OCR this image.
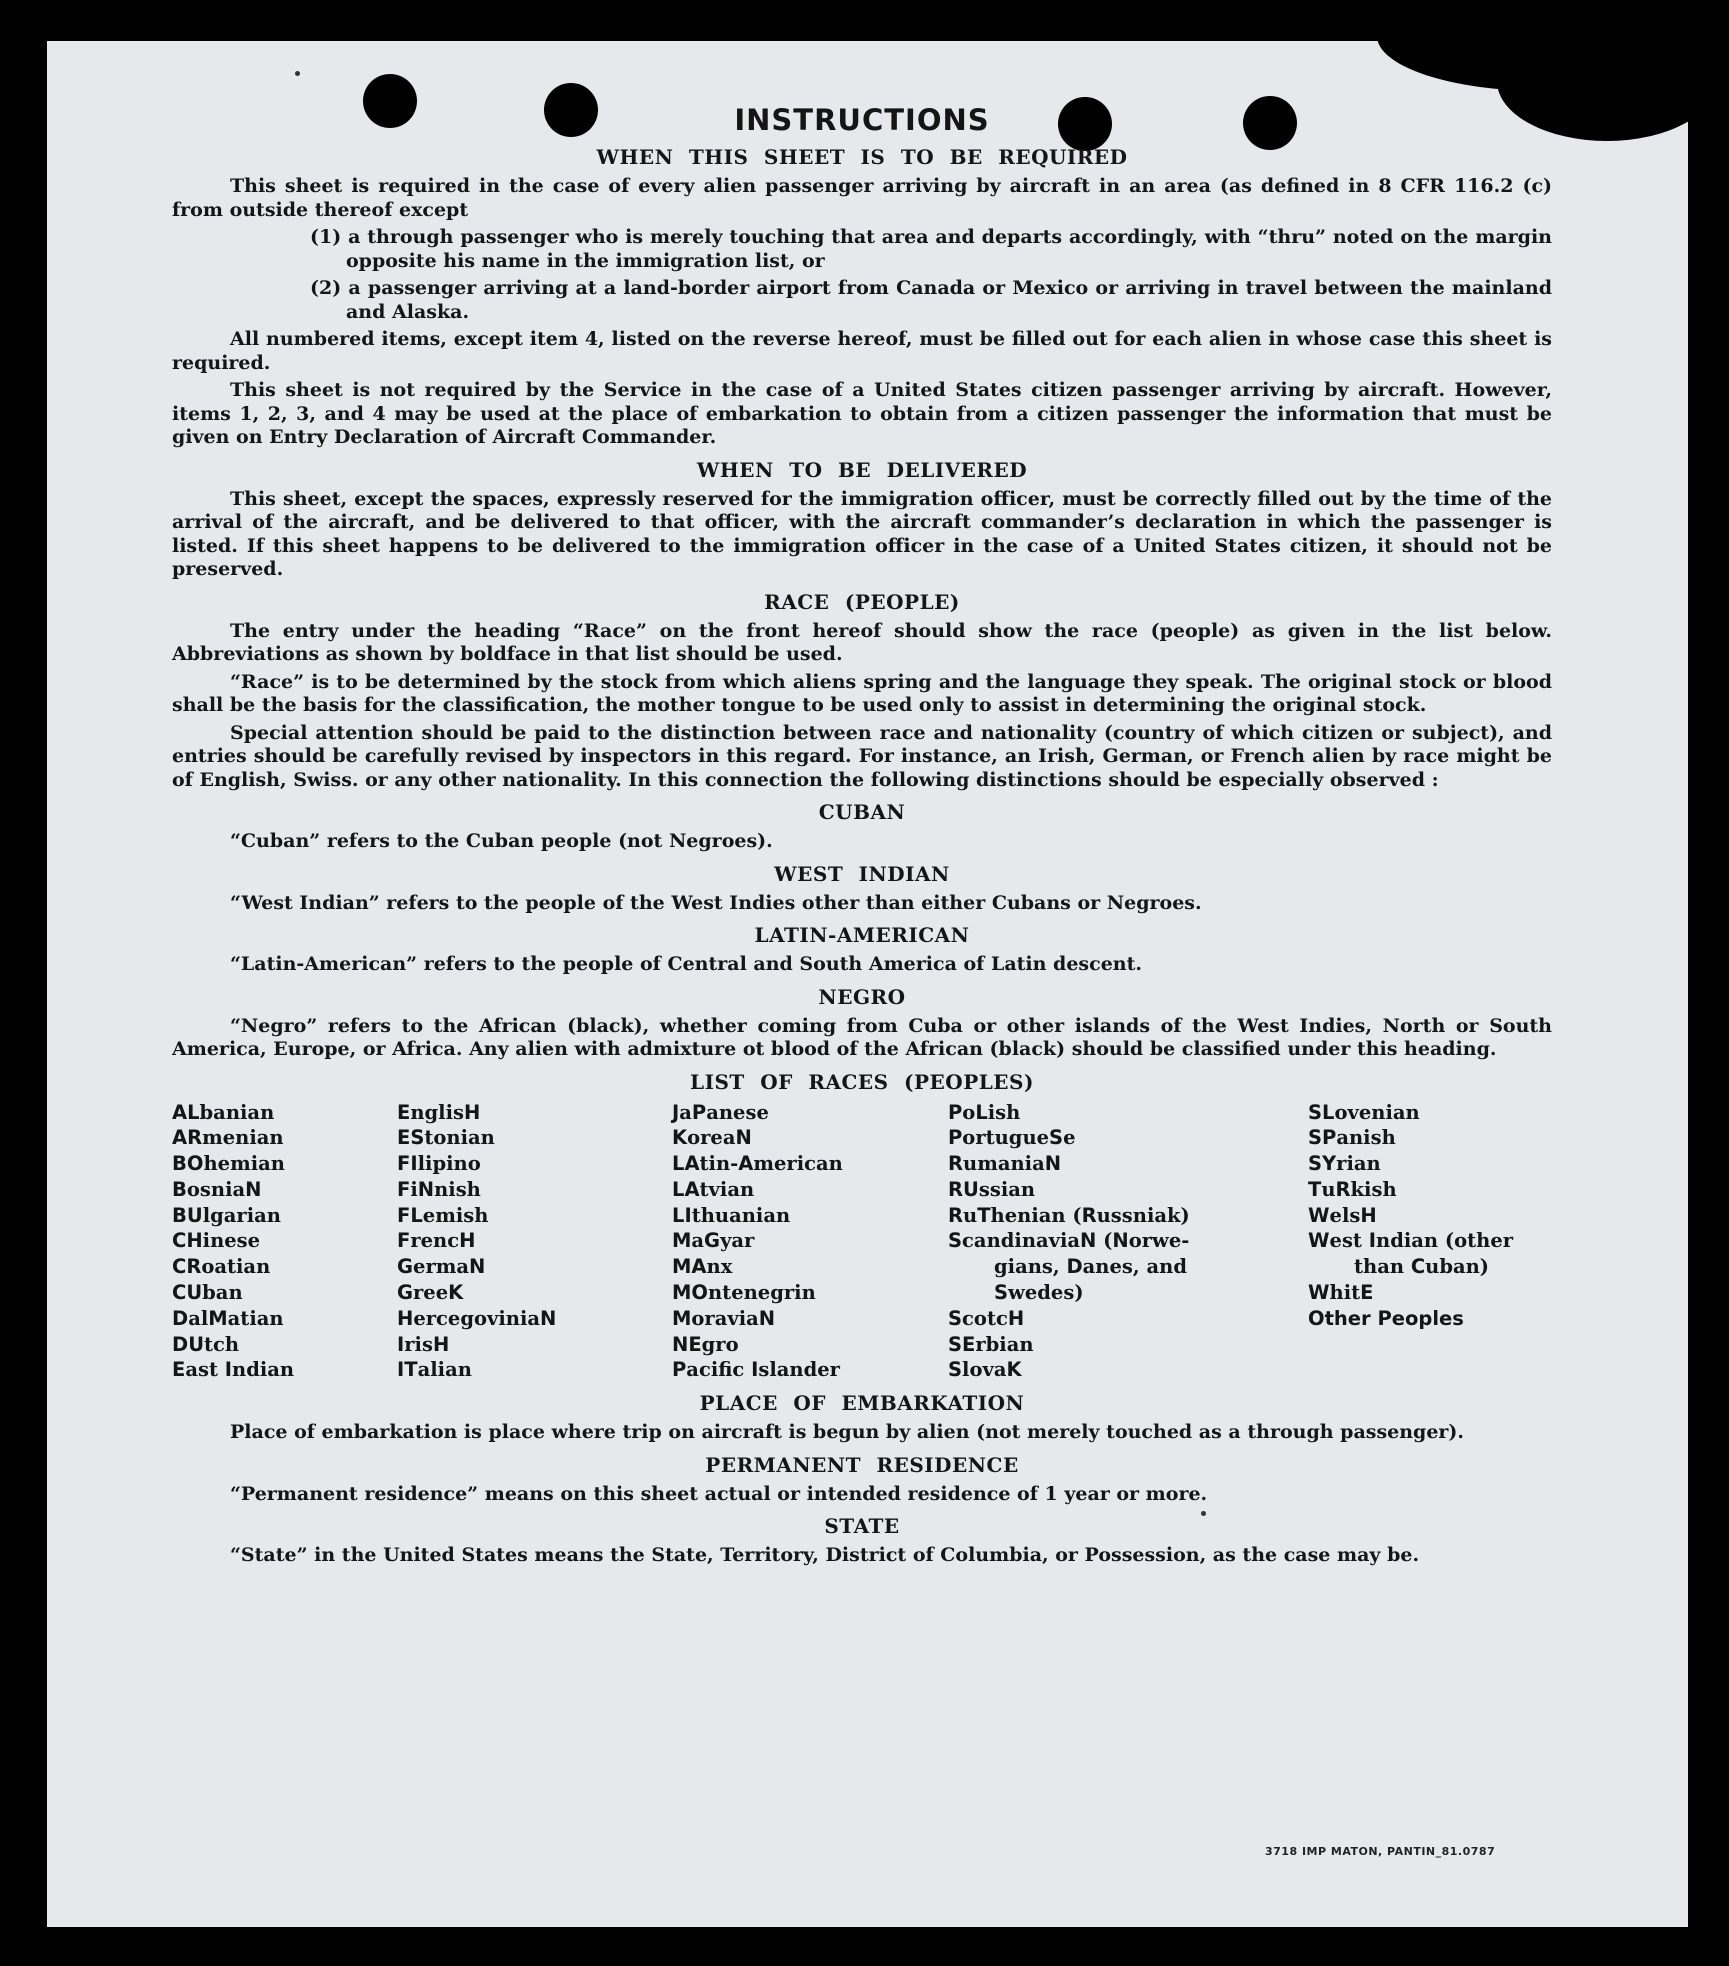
INSTRUCTIONS
WHEN THIS SHEET IS TO BE REQUIRED

This sheet is required in the case of every alien passenger arriving by aircraft in an area (as defined in 8 CFR 116.2 (c) from outside thereof except

(1) a through passenger who is merely touching that area and departs accordingly, with “thru” noted on the margin opposite his name in the immigration list, or

(2) a passenger arriving at a land-border airport from Canada or Mexico or arriving in travel between the mainland and Alaska.

All numbered items, except item 4, listed on the reverse hereof, must be filled out for each alien in whose case this sheet is required.

This sheet is not required by the Service in the case of a United States citizen passenger arriving by aircraft. However, items 1, 2, 3, and 4 may be used at the place of embarkation to obtain from a citizen passenger the information that must be given on Entry Declaration of Aircraft Commander.

WHEN TO BE DELIVERED

This sheet, except the spaces, expressly reserved for the immigration officer, must be correctly filled out by the time of the arrival of the aircraft, and be delivered to that officer, with the aircraft commander’s declaration in which the passenger is listed. If this sheet happens to be delivered to the immigration officer in the case of a United States citizen, it should not be preserved.

RACE (PEOPLE)

The entry under the heading “Race” on the front hereof should show the race (people) as given in the list below. Abbreviations as shown by boldface in that list should be used.

“Race” is to be determined by the stock from which aliens spring and the language they speak. The original stock or blood shall be the basis for the classification, the mother tongue to be used only to assist in determining the original stock.

Special attention should be paid to the distinction between race and nationality (country of which citizen or subject), and entries should be carefully revised by inspectors in this regard. For instance, an Irish, German, or French alien by race might be of English, Swiss. or any other nationality. In this connection the following distinctions should be especially observed :

CUBAN

“Cuban” refers to the Cuban people (not Negroes).

WEST INDIAN

“West Indian” refers to the people of the West Indies other than either Cubans or Negroes.

LATIN-AMERICAN

“Latin-American” refers to the people of Central and South America of Latin descent.

NEGRO

“Negro” refers to the African (black), whether coming from Cuba or other islands of the West Indies, North or South America, Europe, or Africa. Any alien with admixture ot blood of the African (black) should be classified under this heading.

LIST OF RACES (PEOPLES)
ALbanian
ARmenian
BOhemian
BosniaN
BUlgarian
CHinese
CRoatian
CUban
DalMatian
DUtch
East Indian
EnglisH
EStonian
FIlipino
FiNnish
FLemish
FrencH
GermaN
GreeK
HercegoviniaN
IrisH
ITalian
JaPanese
KoreaN
LAtin-American
LAtvian
LIthuanian
MaGyar
MAnx
MOntenegrin
MoraviaN
NEgro
Pacifc Islander
PoLish
PortugueSe
RumaniaN
RUssian
RuThenian (Russniak)
ScandinaviaN (Norwe-
gians, Danes, and
Swedes)
ScotcH
SErbian
SlovaK
SLovenian
SPanish
SYrian
TuRkish
WelsH
West Indian (other
than Cuban)
WhitE
Other Peoples
PLACE OF EMBARKATION

Place of embarkation is place where trip on aircraft is begun by alien (not merely touched as a through passenger).

PERMANENT RESIDENCE

“Permanent residence” means on this sheet actual or intended residence of 1 year or more.

STATE

“State” in the United States means the State, Territory, District of Columbia, or Possession, as the case may be.

3718 IMP MATON, PANTIN_81.0787
